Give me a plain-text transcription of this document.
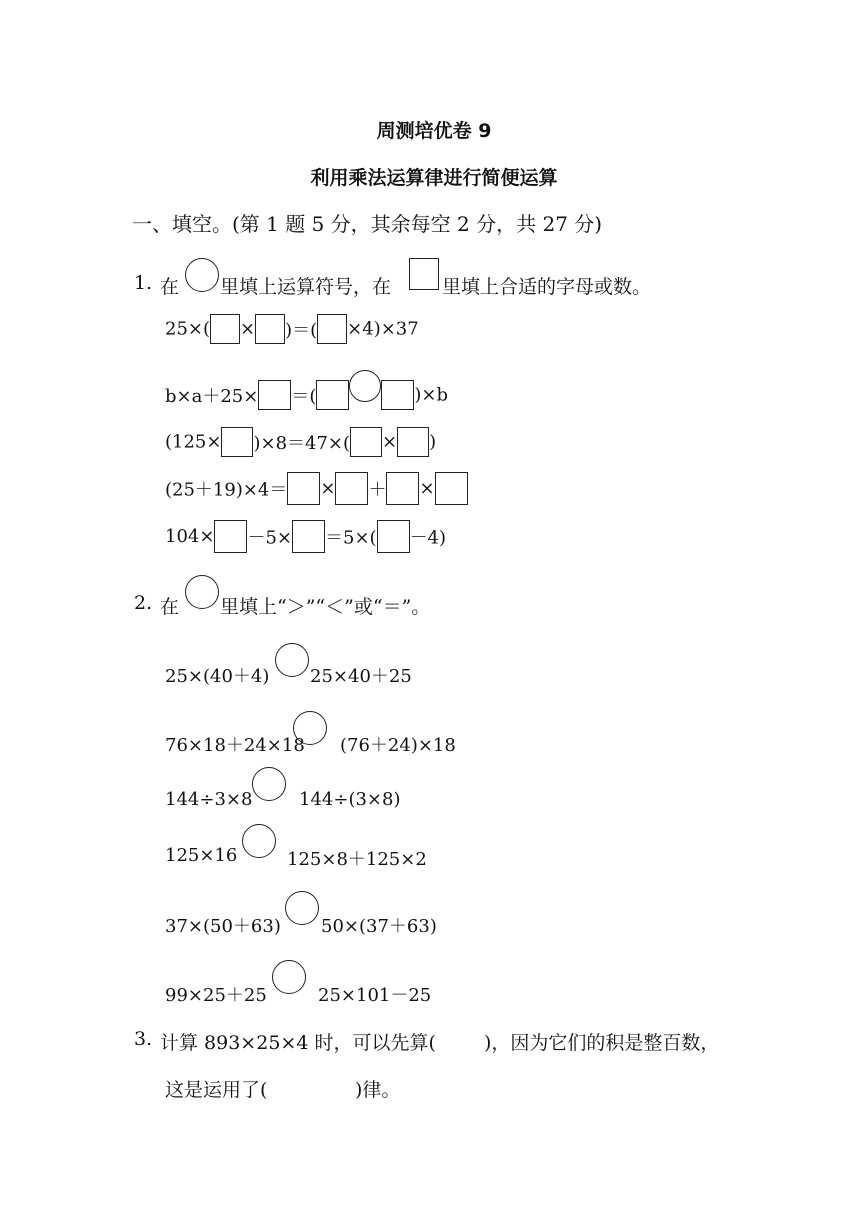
周测培优卷 9
利用乘法运算律进行简便运算
一、填空。(第 1 题 5 分，其余每空 2 分，共 27 分)
1. 在 里填上运算符号，在	里填上合适的字母或数。
25×( × )＝( ×4)×37
b×a＋25× ＝(	)×b
(125× )×8＝47×( × )
(25＋19)×4＝ × ＋ ×
104× －5× ＝5×( －4)
2. 在 里填上“＞”“＜”或“＝”。
25×(40＋4) 25×40＋25
76×18＋24×18 (76＋24)×18
144÷3×8	144÷(3×8)
125×16	125×8＋125×2
37×(50＋63) 50×(37＋63)
99×25＋25	25×101－25
3. 计算 893×25×4 时，可以先算(	)，因为它们的积是整百数，
这是运用了(	)律。
